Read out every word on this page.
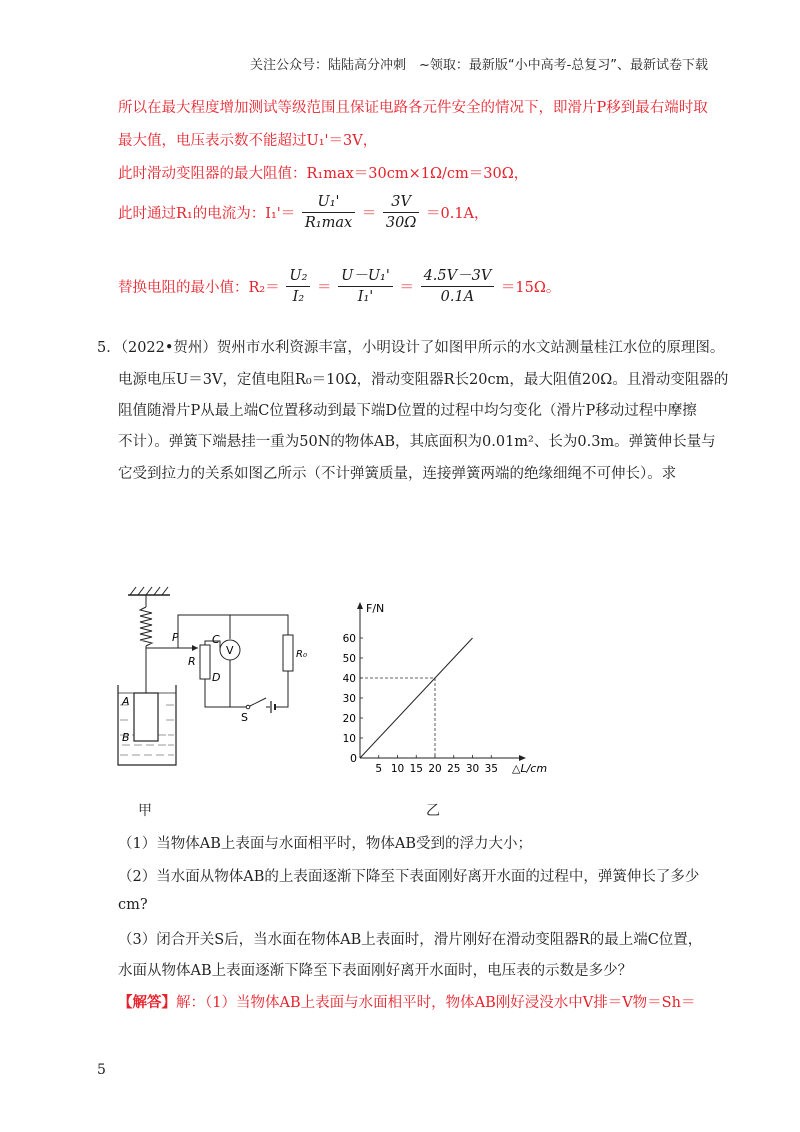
关注公众号：陆陆高分冲刺　~领取：最新版“小中高考-总复习”、最新试卷下载
所以在最大程度增加测试等级范围且保证电路各元件安全的情况下，即滑片P移到最右端时取
最大值，电压表示数不能超过U₁'＝3V，
此时滑动变阻器的最大阻值：R₁max＝30cm×1Ω/cm＝30Ω，
此时通过R₁的电流为：$I_1'= \frac{\text{U₁'}}{\text{R₁max}} = \frac{3V}{30\Omega} =0.1A$，
替换电阻的最小值：$R_2= \frac{\text{U₂}}{\text{I₂}} = \frac{\text{U－U₁'}}{\text{I₁'}} = \frac{4.5V-3V}{0.1A} =15\Omega$。
5．（2022•贺州）贺州市水利资源丰富，小明设计了如图甲所示的水文站测量桂江水位的原理图。
电源电压U＝3V，定值电阻R₀＝10Ω，滑动变阻器R长20cm，最大阻值20Ω。且滑动变阻器的
阻值随滑片P从最上端C位置移动到最下端D位置的过程中均匀变化（滑片P移动过程中摩擦
不计）。弹簧下端悬挂一重为50N的物体AB，其底面积为0.01m²、长为0.3m。弹簧伸长量与
它受到拉力的关系如图乙所示（不计弹簧质量，连接弹簧两端的绝缘细绳不可伸长）。求
A
B
P
R
C
D
V
S
R₀
甲
F/N
△L/cm
0
5 10 15 20 25 30 35
10
20
30
40
50
60
乙
（1）当物体AB上表面与水面相平时，物体AB受到的浮力大小；
（2）当水面从物体AB的上表面逐渐下降至下表面刚好离开水面的过程中，弹簧伸长了多少
cm?
（3）闭合开关S后，当水面在物体AB上表面时，滑片刚好在滑动变阻器R的最上端C位置，
水面从物体AB上表面逐渐下降至下表面刚好离开水面时，电压表的示数是多少？
【解答】解：（1）当物体AB上表面与水面相平时，物体AB刚好浸没水中V排＝V物＝Sh＝
5
